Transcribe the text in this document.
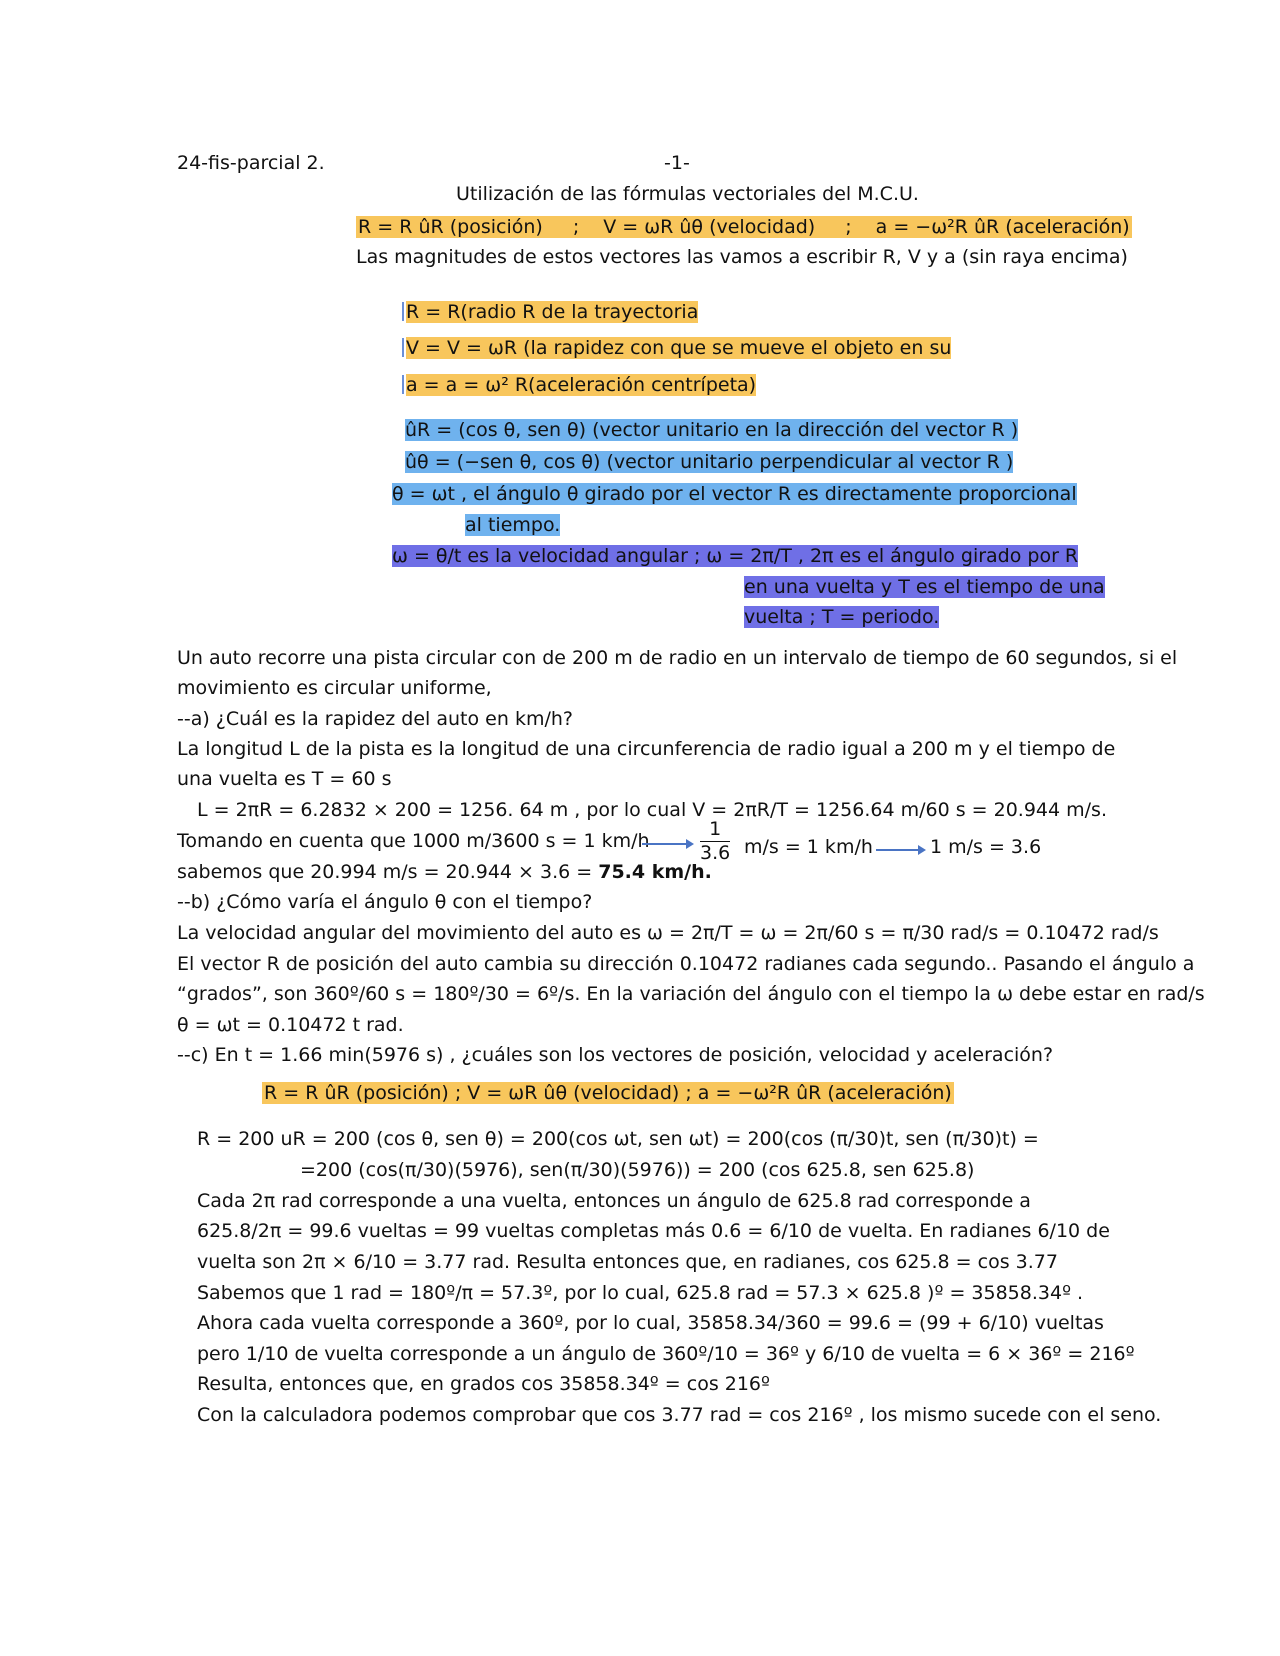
24-fis-parcial 2.	-1-
Utilización de las fórmulas vectoriales del M.C.U.
R = R ûR (posición) ; V = ωR ûθ (velocidad) ; a = −ω²R ûR (aceleración)
Las magnitudes de estos vectores las vamos a escribir R, V y a (sin raya encima)
R = R(radio R de la trayectoria
V = V = ωR (la rapidez con que se mueve el objeto en su
a = a = ω² R(aceleración centrípeta)
ûR = (cos θ, sen θ) (vector unitario en la dirección del vector R )
ûθ = (−sen θ, cos θ) (vector unitario perpendicular al vector R )
θ = ωt , el ángulo θ girado por el vector R es directamente proporcional
al tiempo.
ω = θ/t es la velocidad angular ; ω = 2π/T , 2π es el ángulo girado por R
en una vuelta y T es el tiempo de una
vuelta ; T = periodo.
Un auto recorre una pista circular con de 200 m de radio en un intervalo de tiempo de 60 segundos, si el
movimiento es circular uniforme,
--a) ¿Cuál es la rapidez del auto en km/h?
La longitud L de la pista es la longitud de una circunferencia de radio igual a 200 m y el tiempo de
una vuelta es T = 60 s
L = 2πR = 6.2832 × 200 = 1256. 64 m , por lo cual V = 2πR/T = 1256.64 m/60 s = 20.944 m/s.
Tomando en cuenta que 1000 m/3600 s = 1 km/h	$\frac{1}{3.6} m/s = 1$ km/h	1 m/s = 3.6
sabemos que 20.994 m/s = 20.944 × 3.6 = 75.4 km/h.
--b) ¿Cómo varía el ángulo θ con el tiempo?
La velocidad angular del movimiento del auto es ω = 2π/T = ω = 2π/60 s = π/30 rad/s = 0.10472 rad/s
El vector R de posición del auto cambia su dirección 0.10472 radianes cada segundo.. Pasando el ángulo a
“grados”, son 360º/60 s = 180º/30 = 6º/s. En la variación del ángulo con el tiempo la ω debe estar en rad/s
θ = ωt = 0.10472 t rad.
--c) En t = 1.66 min(5976 s) , ¿cuáles son los vectores de posición, velocidad y aceleración?
R = R ûR (posición) ; V = ωR ûθ (velocidad) ; a = −ω²R ûR (aceleración)
R = 200 uR = 200 (cos θ, sen θ) = 200(cos ωt, sen ωt) = 200(cos (π/30)t, sen (π/30)t) =
=200 (cos(π/30)(5976), sen(π/30)(5976)) = 200 (cos 625.8, sen 625.8)
Cada 2π rad corresponde a una vuelta, entonces un ángulo de 625.8 rad corresponde a
625.8/2π = 99.6 vueltas = 99 vueltas completas más 0.6 = 6/10 de vuelta. En radianes 6/10 de
vuelta son 2π × 6/10 = 3.77 rad. Resulta entonces que, en radianes, cos 625.8 = cos 3.77
Sabemos que 1 rad = 180º/π = 57.3º, por lo cual, 625.8 rad = 57.3 × 625.8 )º = 35858.34º .
Ahora cada vuelta corresponde a 360º, por lo cual, 35858.34/360 = 99.6 = (99 + 6/10) vueltas
pero 1/10 de vuelta corresponde a un ángulo de 360º/10 = 36º y 6/10 de vuelta = 6 × 36º = 216º
Resulta, entonces que, en grados cos 35858.34º = cos 216º
Con la calculadora podemos comprobar que cos 3.77 rad = cos 216º , los mismo sucede con el seno.
